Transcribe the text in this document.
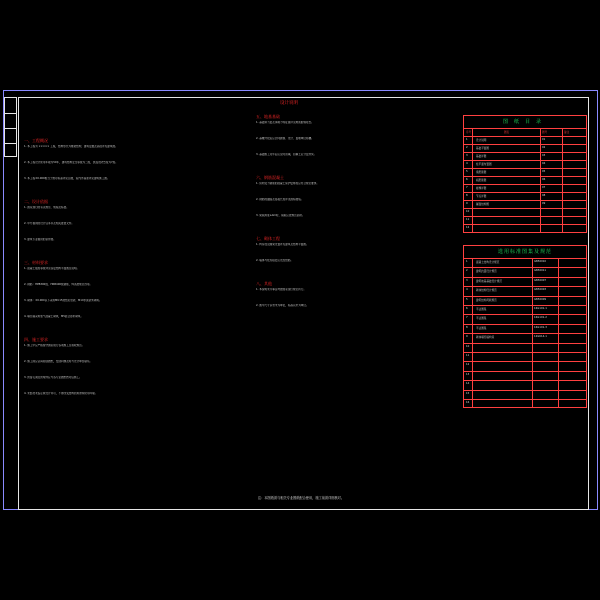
设计说明
一、工程概况
1. 本工程为 ××××× 工程，结构形式为框架结构，建筑层数及高度详见建筑图。
2. 本工程设计使用年限为50年，建筑结构安全等级为二级，抗震设防烈度为7度。
3. 本工程±0.000相当于绝对标高详见总图，室内外高差详见建筑施工图。
二、设计依据
1. 国家现行的有关规范、规程及标准。
2. 甲方提供的设计任务书及相关批准文件。
3. 建筑专业提供的条件图。
三、材料要求
1. 混凝土强度等级详见各层结构平面图及说明。
2. 钢筋：HPB300级、HRB400级钢筋，焊条按规范选用。
3. 砌体：±0.000以下采用MU15烧结页岩砖，M10水泥砂浆砌筑。
4. 填充墙采用加气混凝土砌块，M5混合砂浆砌筑。
四、施工要求
1. 施工中应严格遵守国家现行各项施工及验收规范。
2. 施工前应认真阅读图纸，发现问题及时与设计单位联系。
3. 预留孔洞及预埋件应与各专业图纸核对后施工。
4. 未经技术鉴定或设计许可，不得改变结构的用途和使用环境。
五、地基基础
1. 基础持力层及承载力特征值详见地质勘察报告。
2. 基槽开挖后应会同勘察、设计、监理单位验槽。
3. 基础施工完毕后应及时回填，回填土应分层夯实。
六、钢筋混凝土
1. 纵向受力钢筋的混凝土保护层厚度应符合规范要求。
2. 钢筋的锚固及搭接长度详见国标图集。
3. 梁板跨度≥4m时，模板应按规范起拱。
七、砌体工程
1. 构造柱及圈梁设置详见建筑及结构平面图。
2. 墙体与柱连接处应设拉结筋。
八、其他
1. 本说明未尽事宜均按国家现行规范执行。
2. 图中尺寸以毫米为单位，标高以米为单位。
图纸目录
序号	图名	图号	备注
1	设计说明	01
2	基础平面图	02
3	基础详图	03
4	柱平面布置图	04
5	梁配筋图	05
6	板配筋图	06
7	楼梯详图	07
8	节点详图	08
9	屋面结构图	09
10
11
12
选用标准图集及规范
1	混凝土结构设计规范	GB50010
2	建筑抗震设计规范	GB50011
3	建筑地基基础设计规范	GB50007
4	砌体结构设计规范	GB50003
5	建筑结构荷载规范	GB50009
6	平法图集	16G101-1
7	平法图集	16G101-2
8	平法图集	16G101-3
9	砌体填充墙构造	12G614-1
10
11
12
13
14
15
16
注：本图纸须与相关专业图纸配合使用，施工前须详细核对。
